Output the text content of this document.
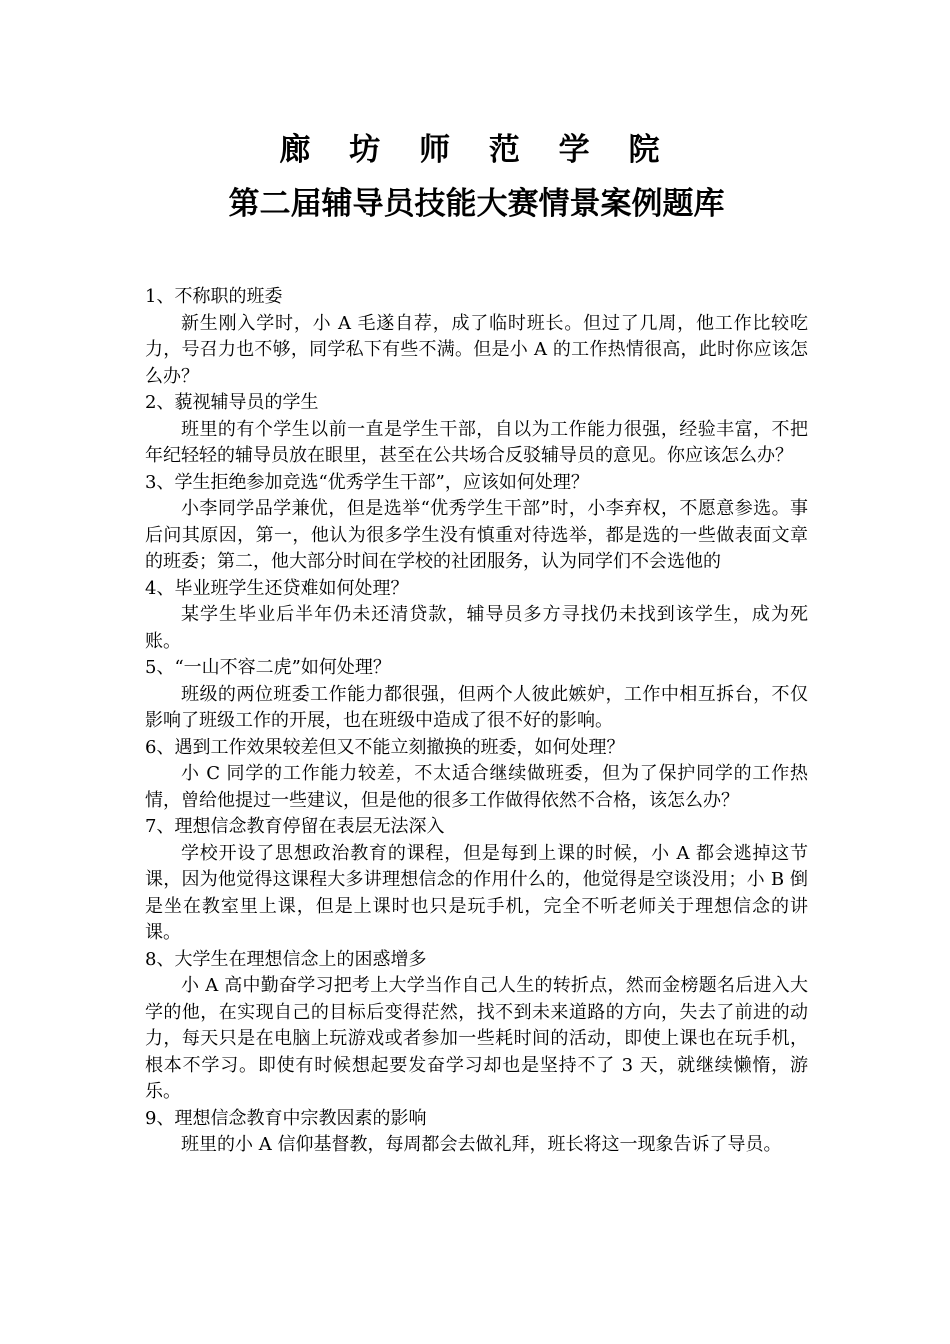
廊 坊 师 范 学 院
第二届辅导员技能大赛情景案例题库

1、不称职的班委

新生刚入学时，小 A 毛遂自荐，成了临时班长。但过了几周，他工作比较吃力，号召力也不够，同学私下有些不满。但是小 A 的工作热情很高，此时你应该怎么办？

2、藐视辅导员的学生

班里的有个学生以前一直是学生干部，自以为工作能力很强，经验丰富，不把年纪轻轻的辅导员放在眼里，甚至在公共场合反驳辅导员的意见。你应该怎么办？

3、学生拒绝参加竞选“优秀学生干部”，应该如何处理？

小李同学品学兼优，但是选举“优秀学生干部”时，小李弃权，不愿意参选。事后问其原因，第一，他认为很多学生没有慎重对待选举，都是选的一些做表面文章的班委；第二，他大部分时间在学校的社团服务，认为同学们不会选他的

4、毕业班学生还贷难如何处理？

某学生毕业后半年仍未还清贷款，辅导员多方寻找仍未找到该学生，成为死账。

5、“一山不容二虎”如何处理？

班级的两位班委工作能力都很强，但两个人彼此嫉妒，工作中相互拆台，不仅影响了班级工作的开展，也在班级中造成了很不好的影响。

6、遇到工作效果较差但又不能立刻撤换的班委，如何处理？

小 C 同学的工作能力较差，不太适合继续做班委，但为了保护同学的工作热情，曾给他提过一些建议，但是他的很多工作做得依然不合格，该怎么办？

7、理想信念教育停留在表层无法深入

学校开设了思想政治教育的课程，但是每到上课的时候，小 A 都会逃掉这节课，因为他觉得这课程大多讲理想信念的作用什么的，他觉得是空谈没用；小 B 倒是坐在教室里上课，但是上课时也只是玩手机，完全不听老师关于理想信念的讲课。

8、大学生在理想信念上的困惑增多

小 A 高中勤奋学习把考上大学当作自己人生的转折点，然而金榜题名后进入大学的他，在实现自己的目标后变得茫然，找不到未来道路的方向，失去了前进的动力，每天只是在电脑上玩游戏或者参加一些耗时间的活动，即使上课也在玩手机，根本不学习。即使有时候想起要发奋学习却也是坚持不了 3 天，就继续懒惰，游乐。

9、理想信念教育中宗教因素的影响

班里的小 A 信仰基督教，每周都会去做礼拜，班长将这一现象告诉了导员。
